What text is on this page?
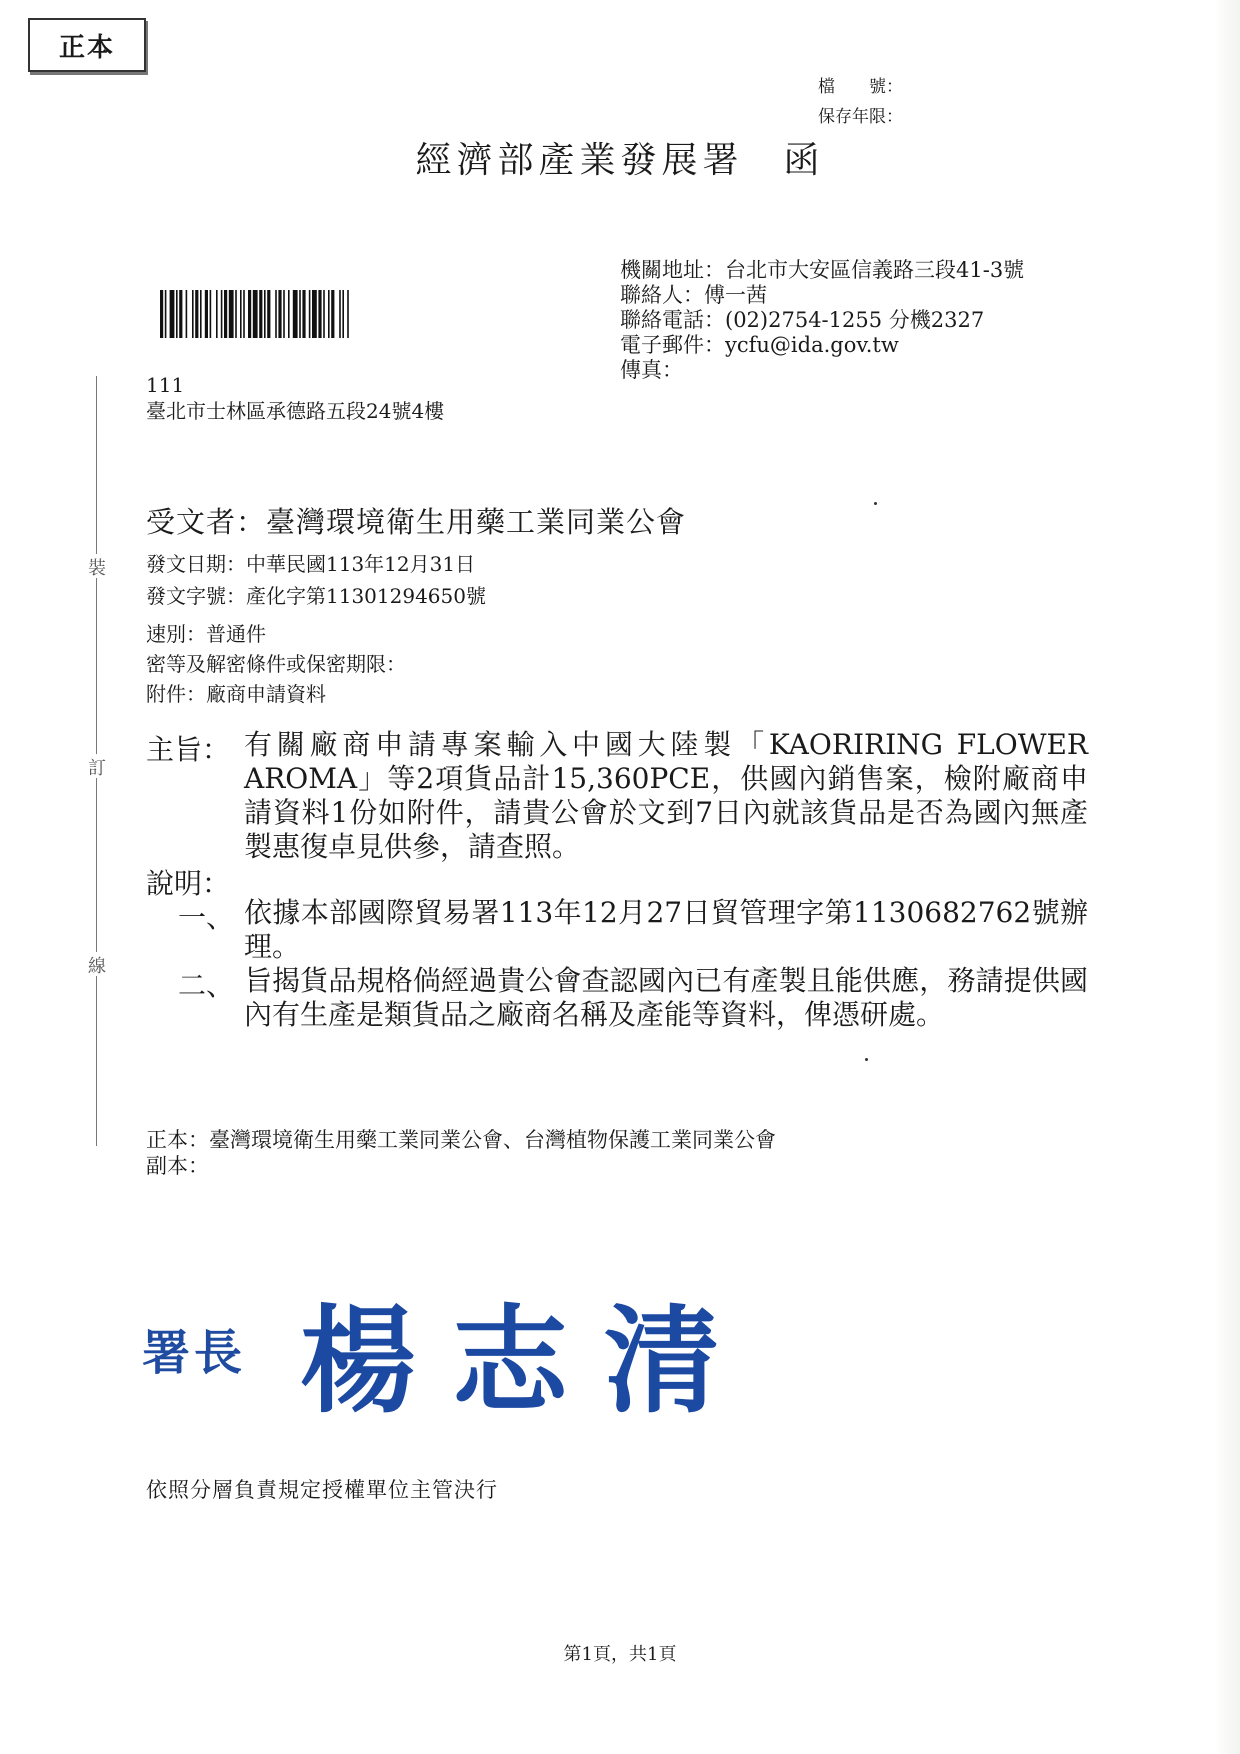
正本
檔　　號：
保存年限：
經濟部產業發展署 函
機關地址：台北市大安區信義路三段41-3號
聯絡人：傅一茜
聯絡電話：(02)2754-1255 分機2327
電子郵件：ycfu@ida.gov.tw
傳真：
111
臺北市士林區承德路五段24號4樓
裝
訂
線
受文者：臺灣環境衛生用藥工業同業公會
發文日期：中華民國113年12月31日
發文字號：產化字第11301294650號
速別：普通件
密等及解密條件或保密期限：
附件：廠商申請資料
主旨： 有關廠商申請專案輸入中國大陸製「KAORIRING FLOWER AROMA」等2項貨品計15,360PCE，供國內銷售案，檢附廠商申請資料1份如附件，請貴公會於文到7日內就該貨品是否為國內無產製惠復卓見供參，請查照。
說明：
一、 依據本部國際貿易署113年12月27日貿管理字第1130682762號辦理。
二、 旨揭貨品規格倘經過貴公會查認國內已有產製且能供應，務請提供國內有生產是類貨品之廠商名稱及產能等資料，俾憑研處。
正本：臺灣環境衛生用藥工業同業公會、台灣植物保護工業同業公會
副本：
署長 楊志清
依照分層負責規定授權單位主管決行
第1頁，共1頁
